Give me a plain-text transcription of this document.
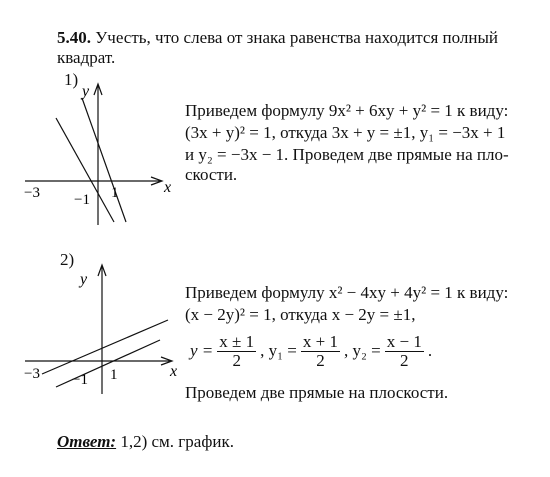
5.40. Учесть, что слева от знака равенства находится полный
квадрат.
1)
y
x
−3 −1 1
Приведем формулу 9x² + 6xy + y² = 1 к виду:
(3x + y)² = 1, откуда 3x + y = ±1, y₁ = −3x + 1
и y₂ = −3x − 1. Проведем две прямые на пло-
скости.
2)
y
x
−3 −1 1
Приведем формулу x² − 4xy + 4y² = 1 к виду:
(x − 2y)² = 1, откуда x − 2y = ±1,
$y = \frac{x \pm 1}{2}$ , $y_1 = \frac{x + 1}{2}$ , $y_2 = \frac{x - 1}{2}$ .
Проведем две прямые на плоскости.
Ответ: 1,2) см. график.
